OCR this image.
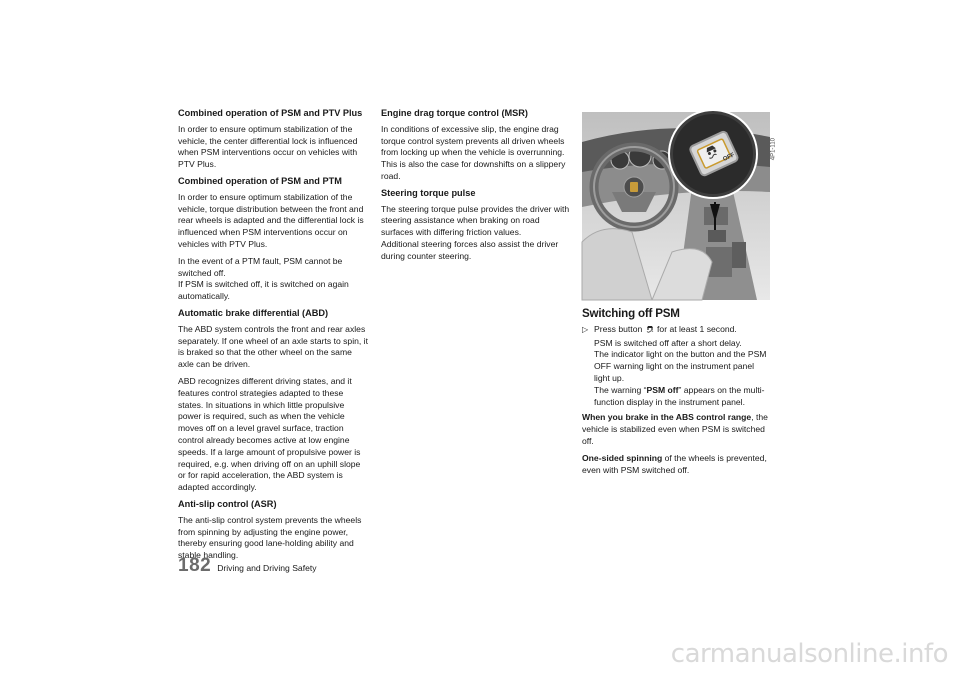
Combined operation of PSM and PTV Plus
In order to ensure optimum stabilization of the vehicle, the center differential lock is influenced when PSM interventions occur on vehicles with PTV Plus.
Combined operation of PSM and PTM
In order to ensure optimum stabilization of the vehicle, torque distribution between the front and rear wheels is adapted and the differential lock is influenced when PSM interventions occur on vehicles with PTV Plus.
In the event of a PTM fault, PSM cannot be switched off.
If PSM is switched off, it is switched on again automatically.
Automatic brake differential (ABD)
The ABD system controls the front and rear axles separately. If one wheel of an axle starts to spin, it is braked so that the other wheel on the same axle can be driven.
ABD recognizes different driving states, and it features control strategies adapted to these states. In situations in which little propulsive power is required, such as when the vehicle moves off on a level gravel surface, traction control already becomes active at low engine speeds. If a large amount of propulsive power is required, e.g. when driving off on an uphill slope or for rapid acceleration, the ABD system is adapted accordingly.
Anti-slip control (ASR)
The anti-slip control system prevents the wheels from spinning by adjusting the engine power, thereby ensuring good lane-holding ability and stable handling.
Engine drag torque control (MSR)
In conditions of excessive slip, the engine drag torque control system prevents all driven wheels from locking up when the vehicle is overrunning. This is also the case for downshifts on a slippery road.
Steering torque pulse
The steering torque pulse provides the driver with steering assistance when braking on road surfaces with differing friction values.
Additional steering forces also assist the driver during counter steering.
OFF	4P1-110
Switching off PSM
▷ Press button for at least 1 second.
PSM is switched off after a short delay.
The indicator light on the button and the PSM OFF warning light on the instrument panel light up.
The warning “PSM off” appears on the multi-function display in the instrument panel.
When you brake in the ABS control range, the vehicle is stabilized even when PSM is switched off.
One-sided spinning of the wheels is prevented, even with PSM switched off.
182 Driving and Driving Safety
carmanualsonline.info
